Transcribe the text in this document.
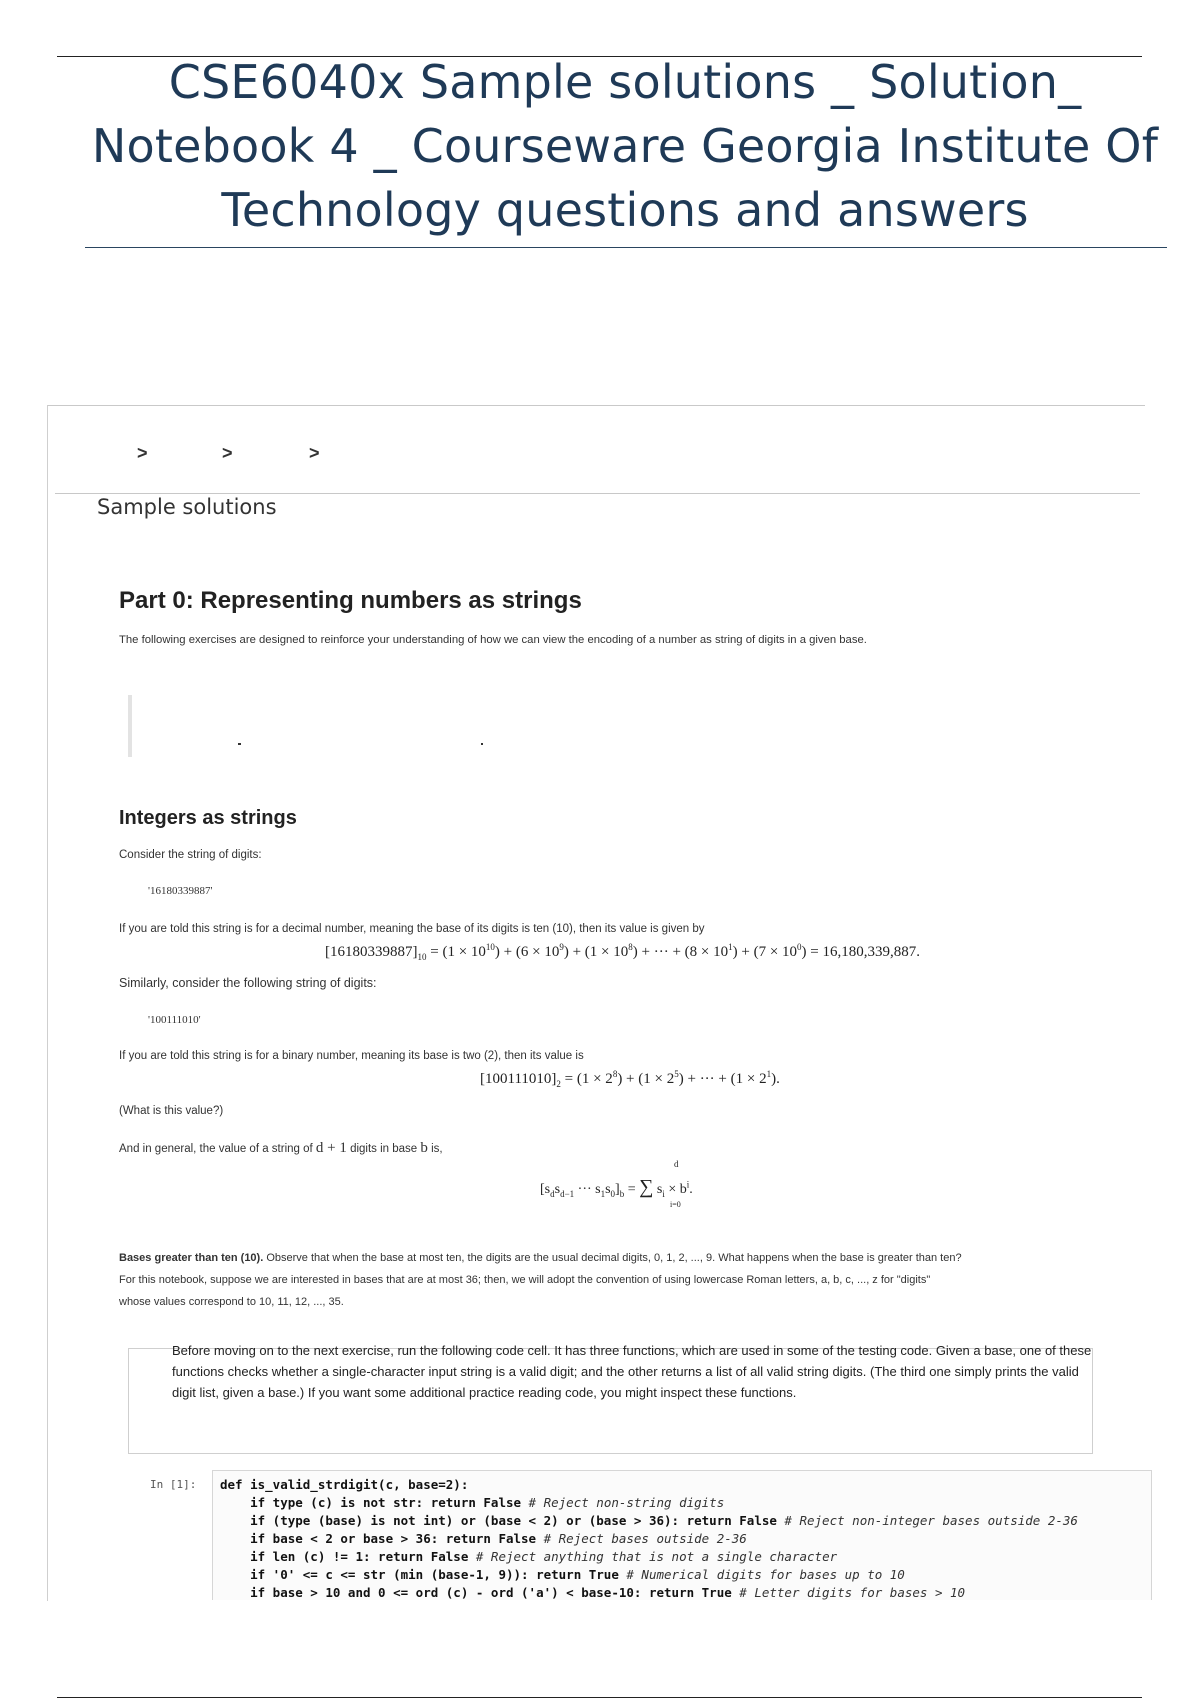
CSE6040x Sample solutions _ Solution_ Notebook 4 _ Courseware Georgia Institute Of Technology questions and answers
>	>	>
Sample solutions
Part 0: Representing numbers as strings
The following exercises are designed to reinforce your understanding of how we can view the encoding of a number as string of digits in a given base.
Integers as strings
Consider the string of digits:
'16180339887'
If you are told this string is for a decimal number, meaning the base of its digits is ten (10), then its value is given by
$[16180339887]_{10} = (1 \times 10^{10}) + (6 \times 10^9) + (1 \times 10^8)$ + ··· + $(8 \times 10^1) + (7 \times 10^0) = 16,180,339,887$.
Similarly, consider the following string of digits:
'100111010'
If you are told this string is for a binary number, meaning its base is two (2), then its value is
$[100111010]_2 = (1 \times 2^8) + (1 \times 2^5)$ + ··· + $(1 \times 2^1)$.
(What is this value?)
And in general, the value of a string of d + 1 digits in base b is,
[$s_ds_{d-1}$ ··· $s_1s_0]_b$ = ∑ $s_i \times b^i$.
d
i=0
Bases greater than ten (10). Observe that when the base at most ten, the digits are the usual decimal digits, 0, 1, 2, ..., 9. What happens when the base is greater than ten?
For this notebook, suppose we are interested in bases that are at most 36; then, we will adopt the convention of using lowercase Roman letters, a, b, c, ..., z for "digits"
whose values correspond to 10, 11, 12, ..., 35.
Before moving on to the next exercise, run the following code cell. It has three functions, which are used in some of the testing code. Given a base, one of these functions checks whether a single-character input string is a valid digit; and the other returns a list of all valid string digits. (The third one simply prints the valid digit list, given a base.) If you want some additional practice reading code, you might inspect these functions.
In [1]: def is_valid_strdigit(c, base=2):
if type (c) is not str: return False # Reject non-string digits
if (type (base) is not int) or (base < 2) or (base > 36): return False # Reject non-integer bases outside 2-36
if base < 2 or base > 36: return False # Reject bases outside 2-36
if len (c) != 1: return False # Reject anything that is not a single character
if '0' <= c <= str (min (base-1, 9)): return True # Numerical digits for bases up to 10
if base > 10 and 0 <= ord (c) - ord ('a') < base-10: return True # Letter digits for bases > 10
